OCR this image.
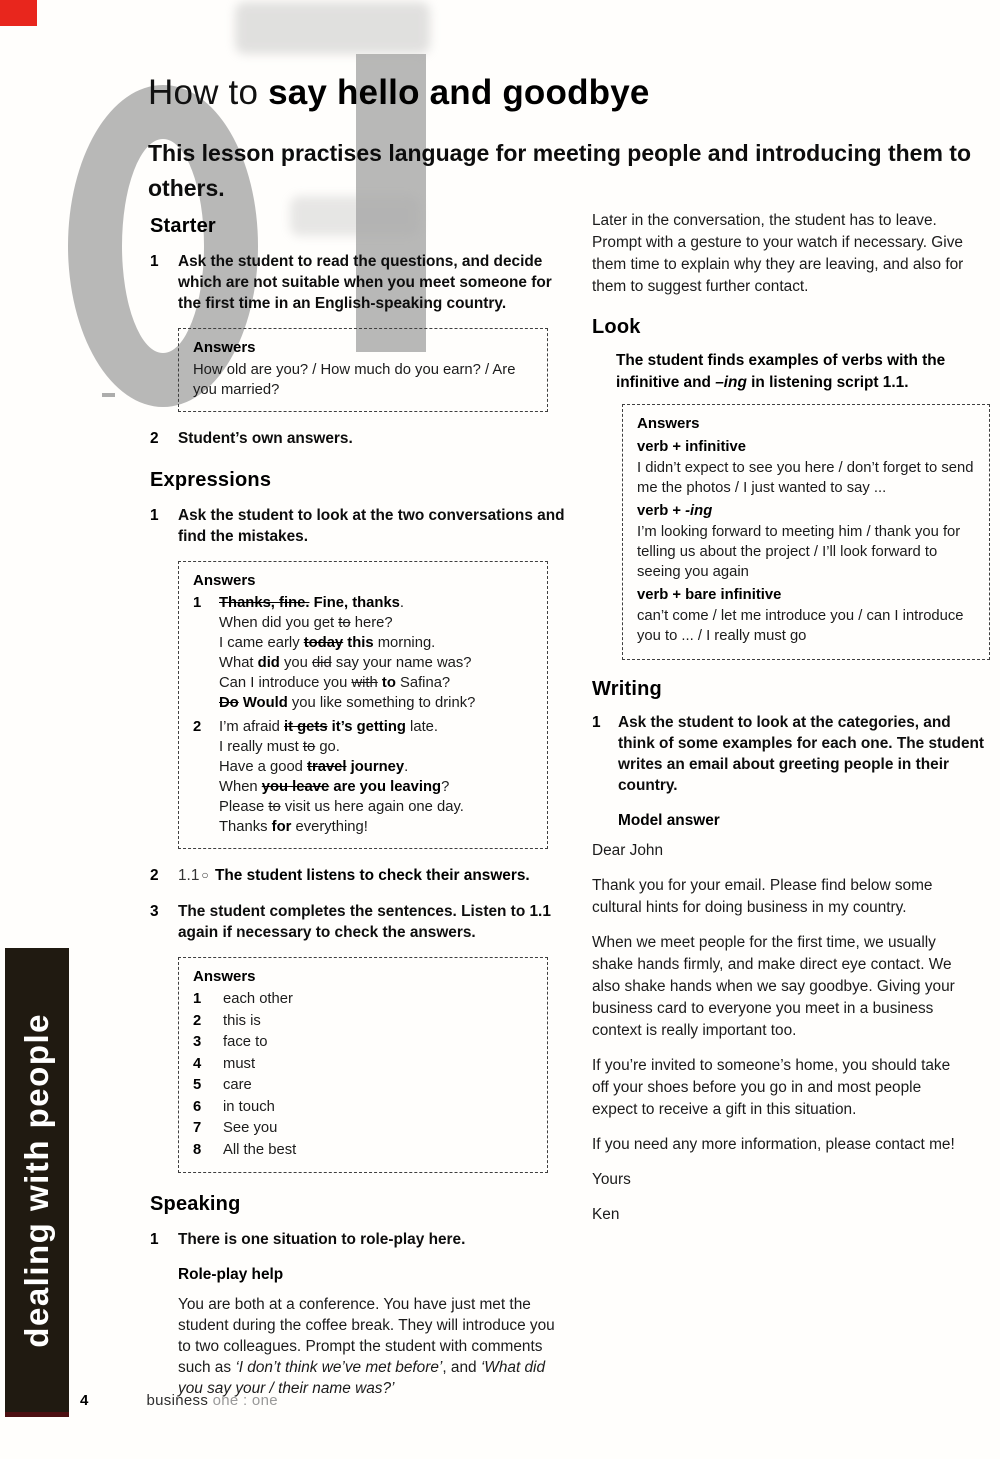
How to say hello and goodbye

This lesson practises language for meeting people and introducing them to others.

Starter
1	Ask the student to read the questions, and decide which are not suitable when you meet someone for the first time in an English-speaking country.
Answers
How old are you? / How much do you earn? / Are you married?
2	Student’s own answers.
Expressions
1	Ask the student to look at the two conversations and find the mistakes.
Answers
1	Thanks, fine. Fine, thanks.
When did you get to here?
I came early today this morning.
What did you did say your name was?
Can I introduce you with to Safina?
Do Would you like something to drink?
2	I’m afraid it gets it’s getting late.
I really must to go.
Have a good travel journey.
When you leave are you leaving?
Please to visit us here again one day.
Thanks for everything!
2	1.1 ○ The student listens to check their answers.
3	The student completes the sentences. Listen to 1.1 again if necessary to check the answers.
Answers
1	each other
2	this is
3	face to
4	must
5	care
6	in touch
7	See you
8	All the best
Speaking
1	There is one situation to role-play here.
Role-play help
You are both at a conference. You have just met the student during the coffee break. They will introduce you to two colleagues. Prompt the student with comments such as ‘I don’t think we’ve met before’, and ‘What did you say your / their name was?’

Later in the conversation, the student has to leave. Prompt with a gesture to your watch if necessary. Give them time to explain why they are leaving, and also for them to suggest further contact.

Look
The student finds examples of verbs with the infinitive and –ing in listening script 1.1.
Answers
verb + infinitive
I didn’t expect to see you here / don’t forget to send me the photos / I just wanted to say ...
verb + -ing
I’m looking forward to meeting him / thank you for telling us about the project / I’ll look forward to seeing you again
verb + bare infinitive
can’t come / let me introduce you / can I introduce you to ... / I really must go
Writing
1	Ask the student to look at the categories, and think of some examples for each one. The student writes an email about greeting people in their country.
Model answer

Dear John

Thank you for your email. Please find below some cultural hints for doing business in my country.

When we meet people for the first time, we usually shake hands firmly, and make direct eye contact. We also shake hands when we say goodbye. Giving your business card to everyone you meet in a business context is really important too.

If you’re invited to someone’s home, you should take off your shoes before you go in and most people expect to receive a gift in this situation.

If you need any more information, please contact me!

Yours

Ken

dealing with people
4	business one : one
